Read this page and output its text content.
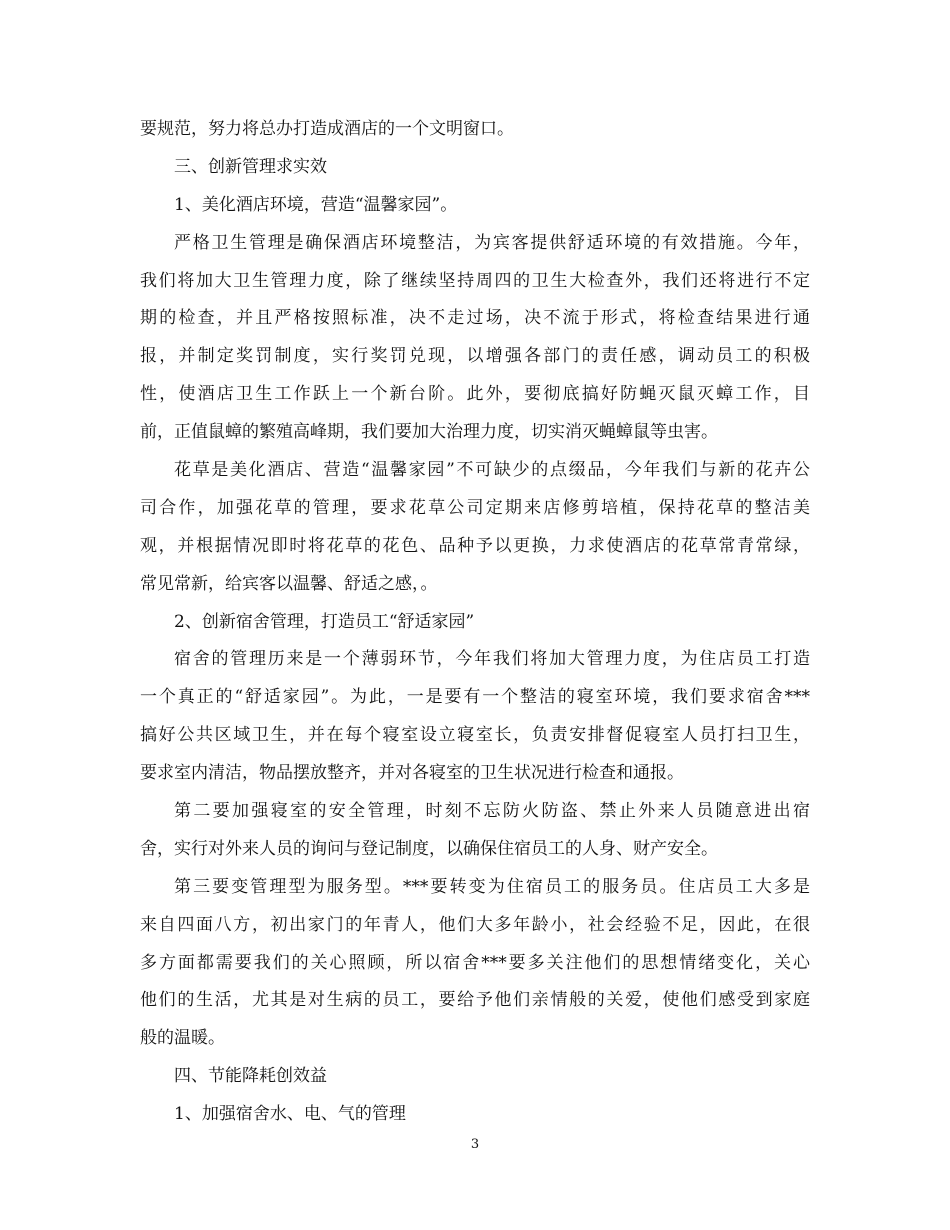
要规范，努力将总办打造成酒店的一个文明窗口。
三、创新管理求实效
1、美化酒店环境，营造“温馨家园”。
严格卫生管理是确保酒店环境整洁，为宾客提供舒适环境的有效措施。今年，
我们将加大卫生管理力度，除了继续坚持周四的卫生大检查外，我们还将进行不定
期的检查，并且严格按照标准，决不走过场，决不流于形式，将检查结果进行通
报，并制定奖罚制度，实行奖罚兑现，以增强各部门的责任感，调动员工的积极
性，使酒店卫生工作跃上一个新台阶。此外，要彻底搞好防蝇灭鼠灭蟑工作，目
前，正值鼠蟑的繁殖高峰期，我们要加大治理力度，切实消灭蝇蟑鼠等虫害。
花草是美化酒店、营造“温馨家园”不可缺少的点缀品，今年我们与新的花卉公
司合作，加强花草的管理，要求花草公司定期来店修剪培植，保持花草的整洁美
观，并根据情况即时将花草的花色、品种予以更换，力求使酒店的花草常青常绿，
常见常新，给宾客以温馨、舒适之感，。
2、创新宿舍管理，打造员工“舒适家园”
宿舍的管理历来是一个薄弱环节，今年我们将加大管理力度，为住店员工打造
一个真正的“舒适家园”。为此，一是要有一个整洁的寝室环境，我们要求宿舍***
搞好公共区域卫生，并在每个寝室设立寝室长，负责安排督促寝室人员打扫卫生，
要求室内清洁，物品摆放整齐，并对各寝室的卫生状况进行检查和通报。
第二要加强寝室的安全管理，时刻不忘防火防盗、禁止外来人员随意进出宿
舍，实行对外来人员的询问与登记制度，以确保住宿员工的人身、财产安全。
第三要变管理型为服务型。***要转变为住宿员工的服务员。住店员工大多是
来自四面八方，初出家门的年青人，他们大多年龄小，社会经验不足，因此，在很
多方面都需要我们的关心照顾，所以宿舍***要多关注他们的思想情绪变化，关心
他们的生活，尤其是对生病的员工，要给予他们亲情般的关爱，使他们感受到家庭
般的温暖。
四、节能降耗创效益
1、加强宿舍水、电、气的管理
3
